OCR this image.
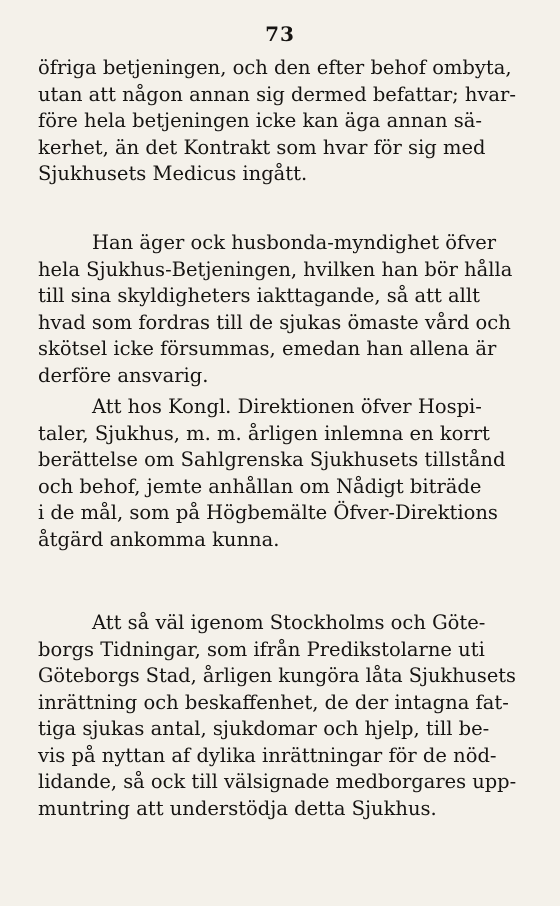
73
öfriga betjeningen, och den efter behof ombyta,
utan att någon annan sig dermed befattar; hvar-
före hela betjeningen icke kan äga annan sä-
kerhet, än det Kontrakt som hvar för sig med
Sjukhusets Medicus ingått.
Han äger ock husbonda-myndighet öfver
hela Sjukhus-Betjeningen, hvilken han bör hålla
till sina skyldigheters iakttagande, så att allt
hvad som fordras till de sjukas ömaste vård och
skötsel icke försummas, emedan han allena är
derföre ansvarig.
Att hos Kongl. Direktionen öfver Hospi-
taler, Sjukhus, m. m. årligen inlemna en korrt
berättelse om Sahlgrenska Sjukhusets tillstånd
och behof, jemte anhållan om Nådigt biträde
i de mål, som på Högbemälte Öfver-Direktions
åtgärd ankomma kunna.
Att så väl igenom Stockholms och Göte-
borgs Tidningar, som ifrån Predikstolarne uti
Göteborgs Stad, årligen kungöra låta Sjukhusets
inrättning och beskaffenhet, de der intagna fat-
tiga sjukas antal, sjukdomar och hjelp, till be-
vis på nyttan af dylika inrättningar för de nöd-
lidande, så ock till välsignade medborgares upp-
muntring att understödja detta Sjukhus.
